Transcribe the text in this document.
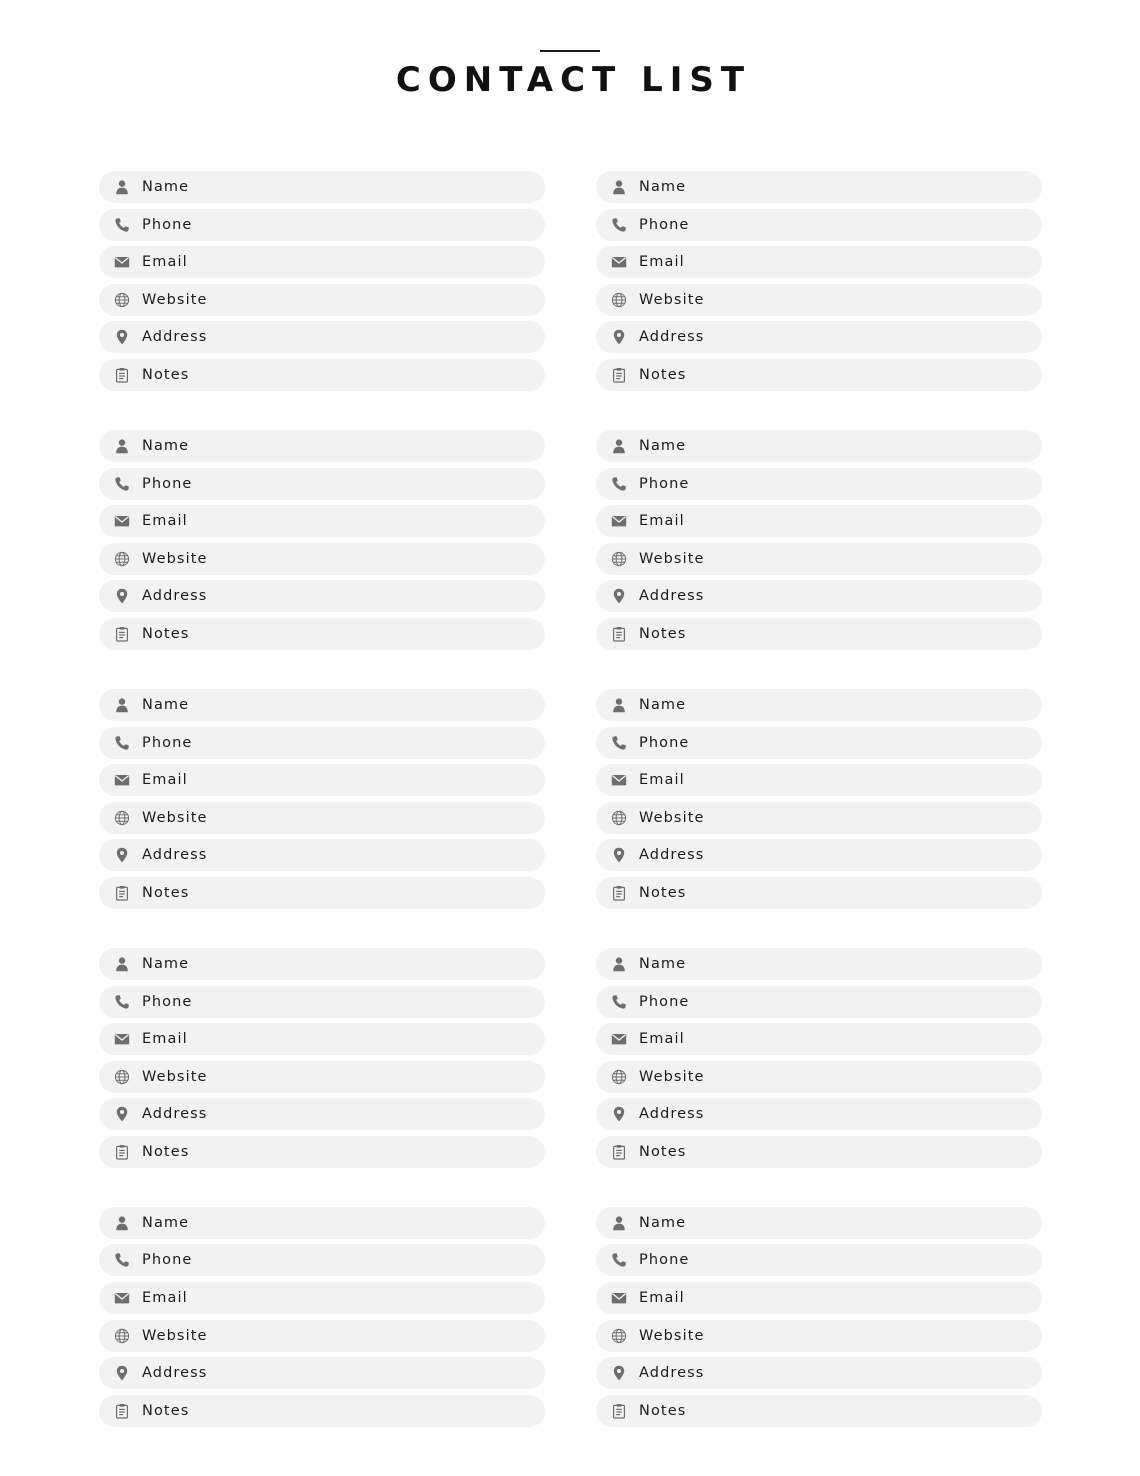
CONTACT LIST
Name
Phone
Email
Website
Address
Notes
Name
Phone
Email
Website
Address
Notes
Name
Phone
Email
Website
Address
Notes
Name
Phone
Email
Website
Address
Notes
Name
Phone
Email
Website
Address
Notes
Name
Phone
Email
Website
Address
Notes
Name
Phone
Email
Website
Address
Notes
Name
Phone
Email
Website
Address
Notes
Name
Phone
Email
Website
Address
Notes
Name
Phone
Email
Website
Address
Notes
